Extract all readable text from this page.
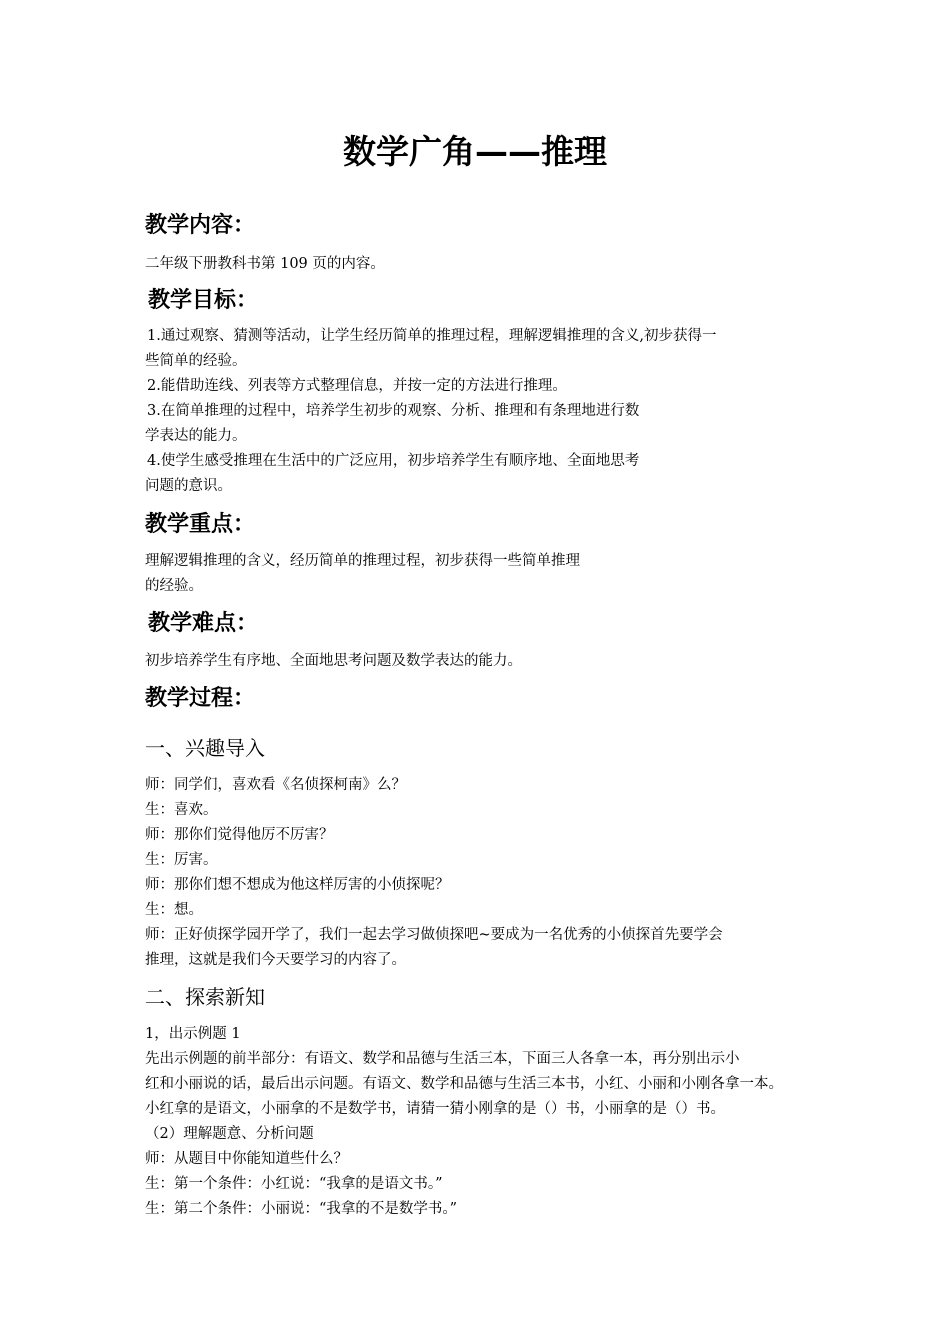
数学广角——推理
教学内容：

二年级下册教科书第 109 页的内容。

教学目标：

1.通过观察、猜测等活动，让学生经历简单的推理过程，理解逻辑推理的含义,初步获得一

些简单的经验。

2.能借助连线、列表等方式整理信息，并按一定的方法进行推理。

3.在简单推理的过程中，培养学生初步的观察、分析、推理和有条理地进行数

学表达的能力。

4.使学生感受推理在生活中的广泛应用，初步培养学生有顺序地、全面地思考

问题的意识。

教学重点：

理解逻辑推理的含义，经历简单的推理过程，初步获得一些简单推理

的经验。

教学难点：

初步培养学生有序地、全面地思考问题及数学表达的能力。

教学过程：
一、兴趣导入

师：同学们，喜欢看《名侦探柯南》么？

生：喜欢。

师：那你们觉得他厉不厉害？

生：厉害。

师：那你们想不想成为他这样厉害的小侦探呢？

生：想。

师：正好侦探学园开学了，我们一起去学习做侦探吧~要成为一名优秀的小侦探首先要学会

推理，这就是我们今天要学习的内容了。

二、探索新知

1，出示例题 1

先出示例题的前半部分：有语文、数学和品德与生活三本，下面三人各拿一本，再分别出示小

红和小丽说的话，最后出示问题。有语文、数学和品德与生活三本书，小红、小丽和小刚各拿一本。

小红拿的是语文，小丽拿的不是数学书，请猜一猜小刚拿的是（）书，小丽拿的是（）书。

（2）理解题意、分析问题

师：从题目中你能知道些什么？

生：第一个条件：小红说：“我拿的是语文书。”

生：第二个条件：小丽说：“我拿的不是数学书。”
